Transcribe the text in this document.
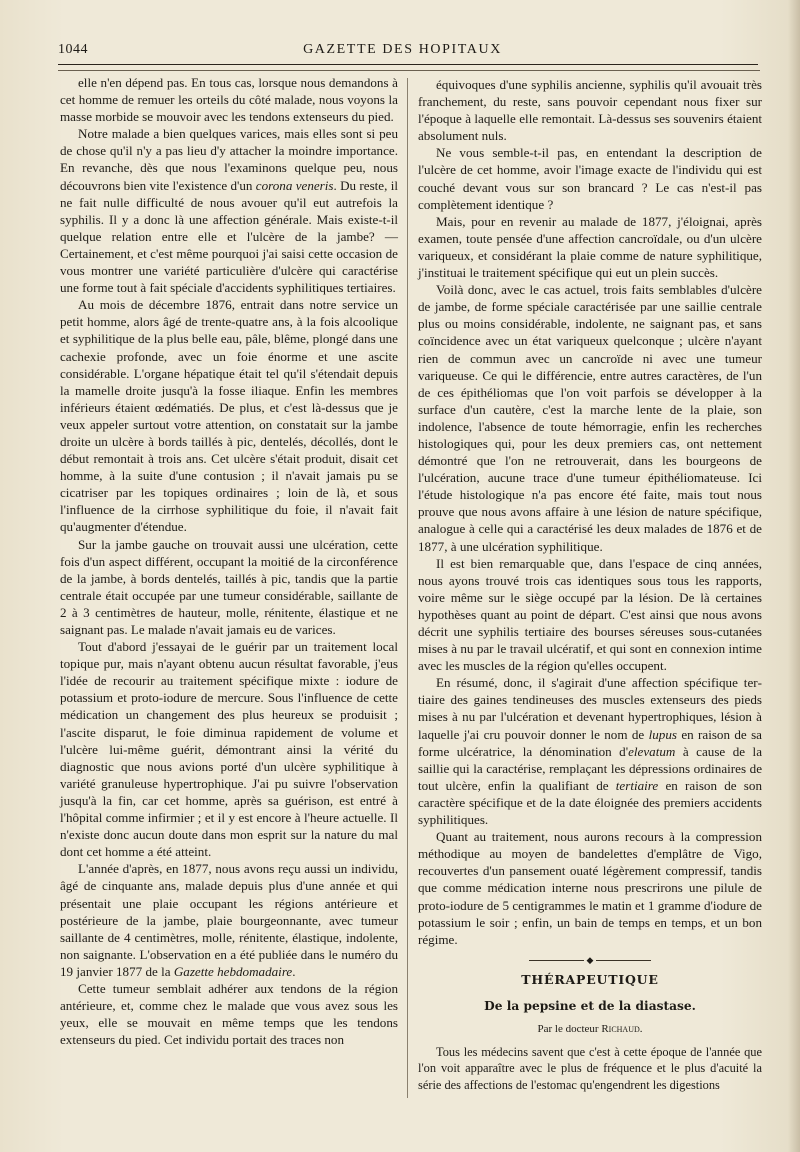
1044	GAZETTE DES HOPITAUX

elle n'en dépend pas. En tous cas, lorsque nous demandons à cet homme de remuer les orteils du côté malade, nous voyons la masse morbide se mouvoir avec les tendons extenseurs du pied.

Notre malade a bien quelques varices, mais elles sont si peu de chose qu'il n'y a pas lieu d'y attacher la moindre importance. En revanche, dès que nous l'examinons quelque peu, nous découvrons bien vite l'existence d'un corona veneris. Du reste, il ne fait nulle difficulté de nous avouer qu'il eut autrefois la syphilis. Il y a donc là une affection générale. Mais existe-t-il quelque relation entre elle et l'ulcère de la jambe? — Certainement, et c'est même pourquoi j'ai saisi cette occasion de vous montrer une variété particulière d'ulcère qui caractérise une forme tout à fait spéciale d'accidents syphilitiques tertiaires.

Au mois de décembre 1876, entrait dans notre service un petit homme, alors âgé de trente-quatre ans, à la fois alcoolique et syphilitique de la plus belle eau, pâle, blême, plongé dans une cachexie profonde, avec un foie énorme et une ascite considérable. L'organe hépatique était tel qu'il s'étendait depuis la mamelle droite jusqu'à la fosse iliaque. Enfin les membres inférieurs étaient œdématiés. De plus, et c'est là-dessus que je veux appeler surtout votre attention, on constatait sur la jambe droite un ulcère à bords taillés à pic, dentelés, décollés, dont le début remontait à trois ans. Cet ulcère s'était produit, disait cet homme, à la suite d'une contusion ; il n'avait jamais pu se cicatriser par les topiques ordinaires ; loin de là, et sous l'influence de la cirrhose syphilitique du foie, il n'avait fait qu'augmenter d'étendue.

Sur la jambe gauche on trouvait aussi une ulcération, cette fois d'un aspect différent, occupant la moitié de la circonférence de la jambe, à bords dentelés, taillés à pic, tandis que la partie centrale était occupée par une tumeur considérable, saillante de 2 à 3 centimètres de hauteur, molle, rénitente, élastique et ne saignant pas. Le malade n'avait jamais eu de varices.

Tout d'abord j'essayai de le guérir par un traitement local topique pur, mais n'ayant obtenu aucun résultat favorable, j'eus l'idée de recourir au traitement spécifique mixte : iodure de potassium et proto-iodure de mercure. Sous l'influence de cette médication un changement des plus heureux se produisit ; l'ascite disparut, le foie diminua rapidement de volume et l'ulcère lui-même guérit, démontrant ainsi la vérité du diagnostic que nous avions porté d'un ulcère syphilitique à variété granuleuse hypertrophique. J'ai pu suivre l'observation jusqu'à la fin, car cet homme, après sa guérison, est entré à l'hôpital comme infirmier ; et il y est encore à l'heure actuelle. Il n'existe donc aucun doute dans mon esprit sur la nature du mal dont cet homme a été atteint.

L'année d'après, en 1877, nous avons reçu aussi un individu, âgé de cinquante ans, malade depuis plus d'une année et qui présentait une plaie occupant les régions antérieure et postérieure de la jambe, plaie bourgeonnante, avec tumeur saillante de 4 centimètres, molle, rénitente, élastique, indolente, non saignante. L'observation en a été publiée dans le numéro du 19 janvier 1877 de la Gazette hebdomadaire.

Cette tumeur semblait adhérer aux tendons de la région antérieure, et, comme chez le malade que vous avez sous les yeux, elle se mouvait en même temps que les tendons extenseurs du pied. Cet individu portait des traces non

équivoques d'une syphilis ancienne, syphilis qu'il avouait très franchement, du reste, sans pouvoir cependant nous fixer sur l'époque à laquelle elle remontait. Là-dessus ses souvenirs étaient absolument nuls.

Ne vous semble-t-il pas, en entendant la description de l'ulcère de cet homme, avoir l'image exacte de l'individu qui est couché devant vous sur son brancard ? Le cas n'est-il pas complètement identique ?

Mais, pour en revenir au malade de 1877, j'éloignai, après examen, toute pensée d'une affection cancroïdale, ou d'un ulcère variqueux, et considérant la plaie comme de nature syphilitique, j'instituai le traitement spécifique qui eut un plein succès.

Voilà donc, avec le cas actuel, trois faits semblables d'ulcère de jambe, de forme spéciale caractérisée par une saillie centrale plus ou moins considérable, indolente, ne saignant pas, et sans coïncidence avec un état variqueux quelconque ; ulcère n'ayant rien de commun avec un cancroïde ni avec une tumeur variqueuse. Ce qui le différencie, entre autres caractères, de l'un de ces épithéliomas que l'on voit parfois se développer à la surface d'un cautère, c'est la marche lente de la plaie, son indolence, l'absence de toute hémorragie, enfin les recherches histologiques qui, pour les deux premiers cas, ont nettement démontré que l'on ne retrouverait, dans les bourgeons de l'ulcération, aucune trace d'une tumeur épithéliomateuse. Ici l'étude histologique n'a pas encore été faite, mais tout nous prouve que nous avons affaire à une lésion de nature spécifique, analogue à celle qui a caractérisé les deux malades de 1876 et de 1877, à une ulcération syphilitique.

Il est bien remarquable que, dans l'espace de cinq années, nous ayons trouvé trois cas identiques sous tous les rapports, voire même sur le siège occupé par la lésion. De là certaines hypothèses quant au point de départ. C'est ainsi que nous avons décrit une syphilis tertiaire des bourses séreuses sous-cutanées mises à nu par le travail ulcératif, et qui sont en connexion intime avec les muscles de la région qu'elles occupent.

En résumé, donc, il s'agirait d'une affection spécifique tertiaire des gaines tendineuses des muscles extenseurs des pieds mises à nu par l'ulcération et devenant hypertrophiques, lésion à laquelle j'ai cru pouvoir donner le nom de lupus en raison de sa forme ulcératrice, la dénomination d'elevatum à cause de la saillie qui la caractérise, remplaçant les dépressions ordinaires de tout ulcère, enfin la qualifiant de tertiaire en raison de son caractère spécifique et de la date éloignée des premiers accidents syphilitiques.

Quant au traitement, nous aurons recours à la compression méthodique au moyen de bandelettes d'emplâtre de Vigo, recouvertes d'un pansement ouaté légèrement compressif, tandis que comme médication interne nous prescrirons une pilule de proto-iodure de 5 centigrammes le matin et 1 gramme d'iodure de potassium le soir ; enfin, un bain de temps en temps, et un bon régime.

◆
THÉRAPEUTIQUE
De la pepsine et de la diastase.
Par le docteur Richaud.

Tous les médecins savent que c'est à cette époque de l'année que l'on voit apparaître avec le plus de fréquence et le plus d'acuité la série des affections de l'estomac qu'engendrent les digestions
